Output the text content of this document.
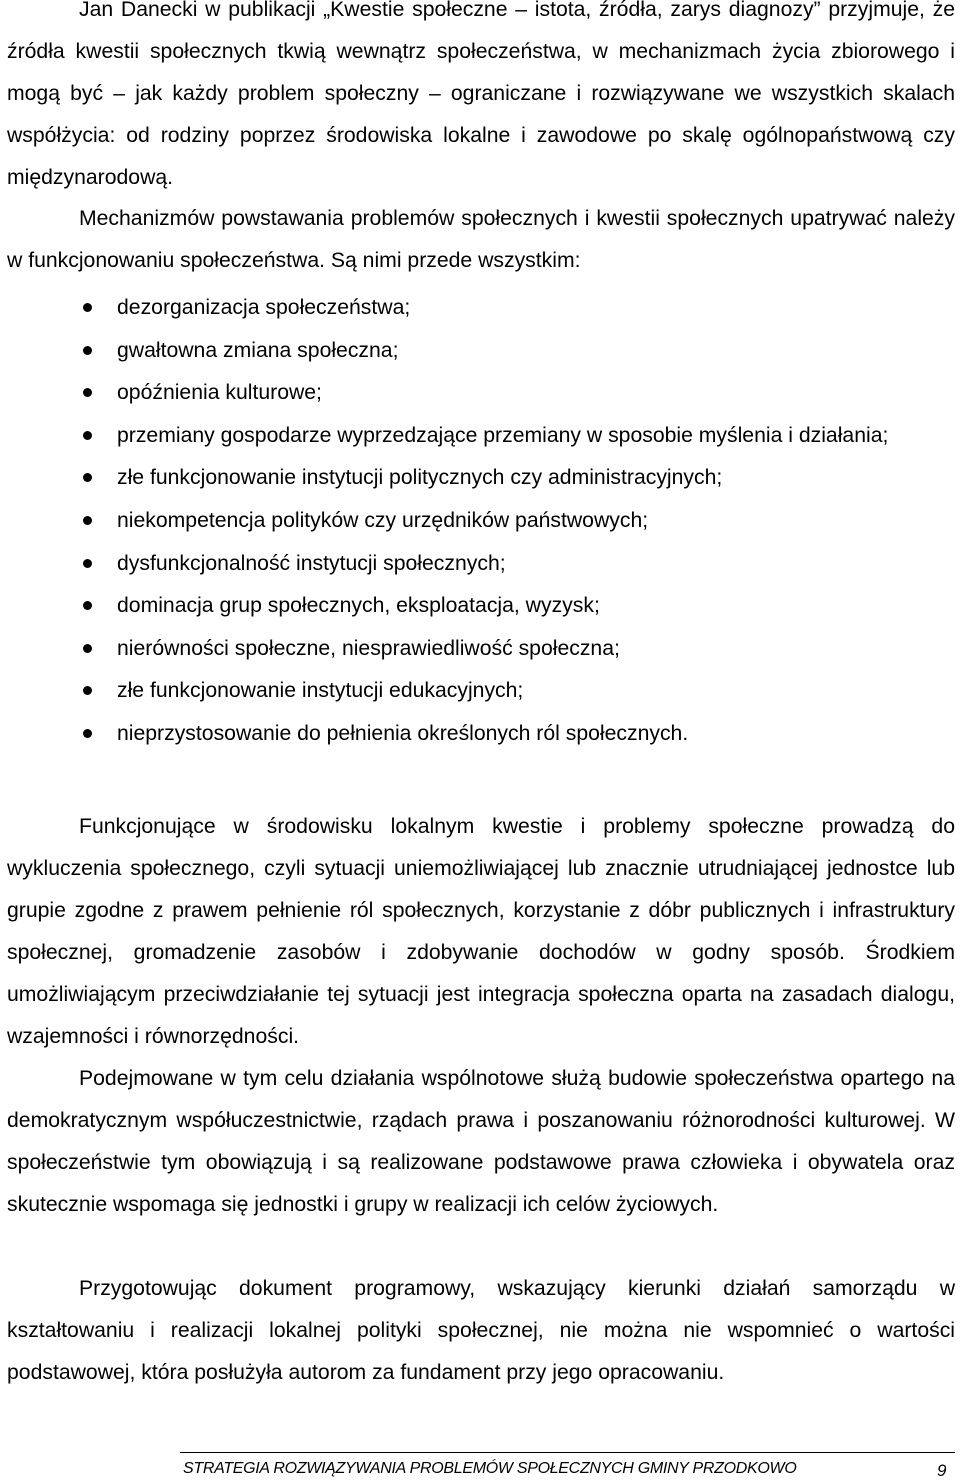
Jan Danecki w publikacji „Kwestie społeczne – istota, źródła, zarys diagnozy” przyjmuje, że źródła kwestii społecznych tkwią wewnątrz społeczeństwa, w mechanizmach życia zbiorowego i mogą być – jak każdy problem społeczny – ograniczane i rozwiązywane we wszystkich skalach współżycia: od rodziny poprzez środowiska lokalne i zawodowe po skalę ogólnopaństwową czy międzynarodową.

Mechanizmów powstawania problemów społecznych i kwestii społecznych upatrywać należy w funkcjonowaniu społeczeństwa. Są nimi przede wszystkim:

dezorganizacja społeczeństwa;
gwałtowna zmiana społeczna;
opóźnienia kulturowe;
przemiany gospodarze wyprzedzające przemiany w sposobie myślenia i działania;
złe funkcjonowanie instytucji politycznych czy administracyjnych;
niekompetencja polityków czy urzędników państwowych;
dysfunkcjonalność instytucji społecznych;
dominacja grup społecznych, eksploatacja, wyzysk;
nierówności społeczne, niesprawiedliwość społeczna;
złe funkcjonowanie instytucji edukacyjnych;
nieprzystosowanie do pełnienia określonych ról społecznych.

Funkcjonujące w środowisku lokalnym kwestie i problemy społeczne prowadzą do wykluczenia społecznego, czyli sytuacji uniemożliwiającej lub znacznie utrudniającej jednostce lub grupie zgodne z prawem pełnienie ról społecznych, korzystanie z dóbr publicznych i infrastruktury społecznej, gromadzenie zasobów i zdobywanie dochodów w godny sposób. Środkiem umożliwiającym przeciwdziałanie tej sytuacji jest integracja społeczna oparta na zasadach dialogu, wzajemności i równorzędności.

Podejmowane w tym celu działania wspólnotowe służą budowie społeczeństwa opartego na demokratycznym współuczestnictwie, rządach prawa i poszanowaniu różnorodności kulturowej. W społeczeństwie tym obowiązują i są realizowane podstawowe prawa człowieka i obywatela oraz skutecznie wspomaga się jednostki i grupy w realizacji ich celów życiowych.

Przygotowując dokument programowy, wskazujący kierunki działań samorządu w kształtowaniu i realizacji lokalnej polityki społecznej, nie można nie wspomnieć o wartości podstawowej, która posłużyła autorom za fundament przy jego opracowaniu.

STRATEGIA ROZWIĄZYWANIA PROBLEMÓW SPOŁECZNYCH GMINY PRZODKOWO	9
